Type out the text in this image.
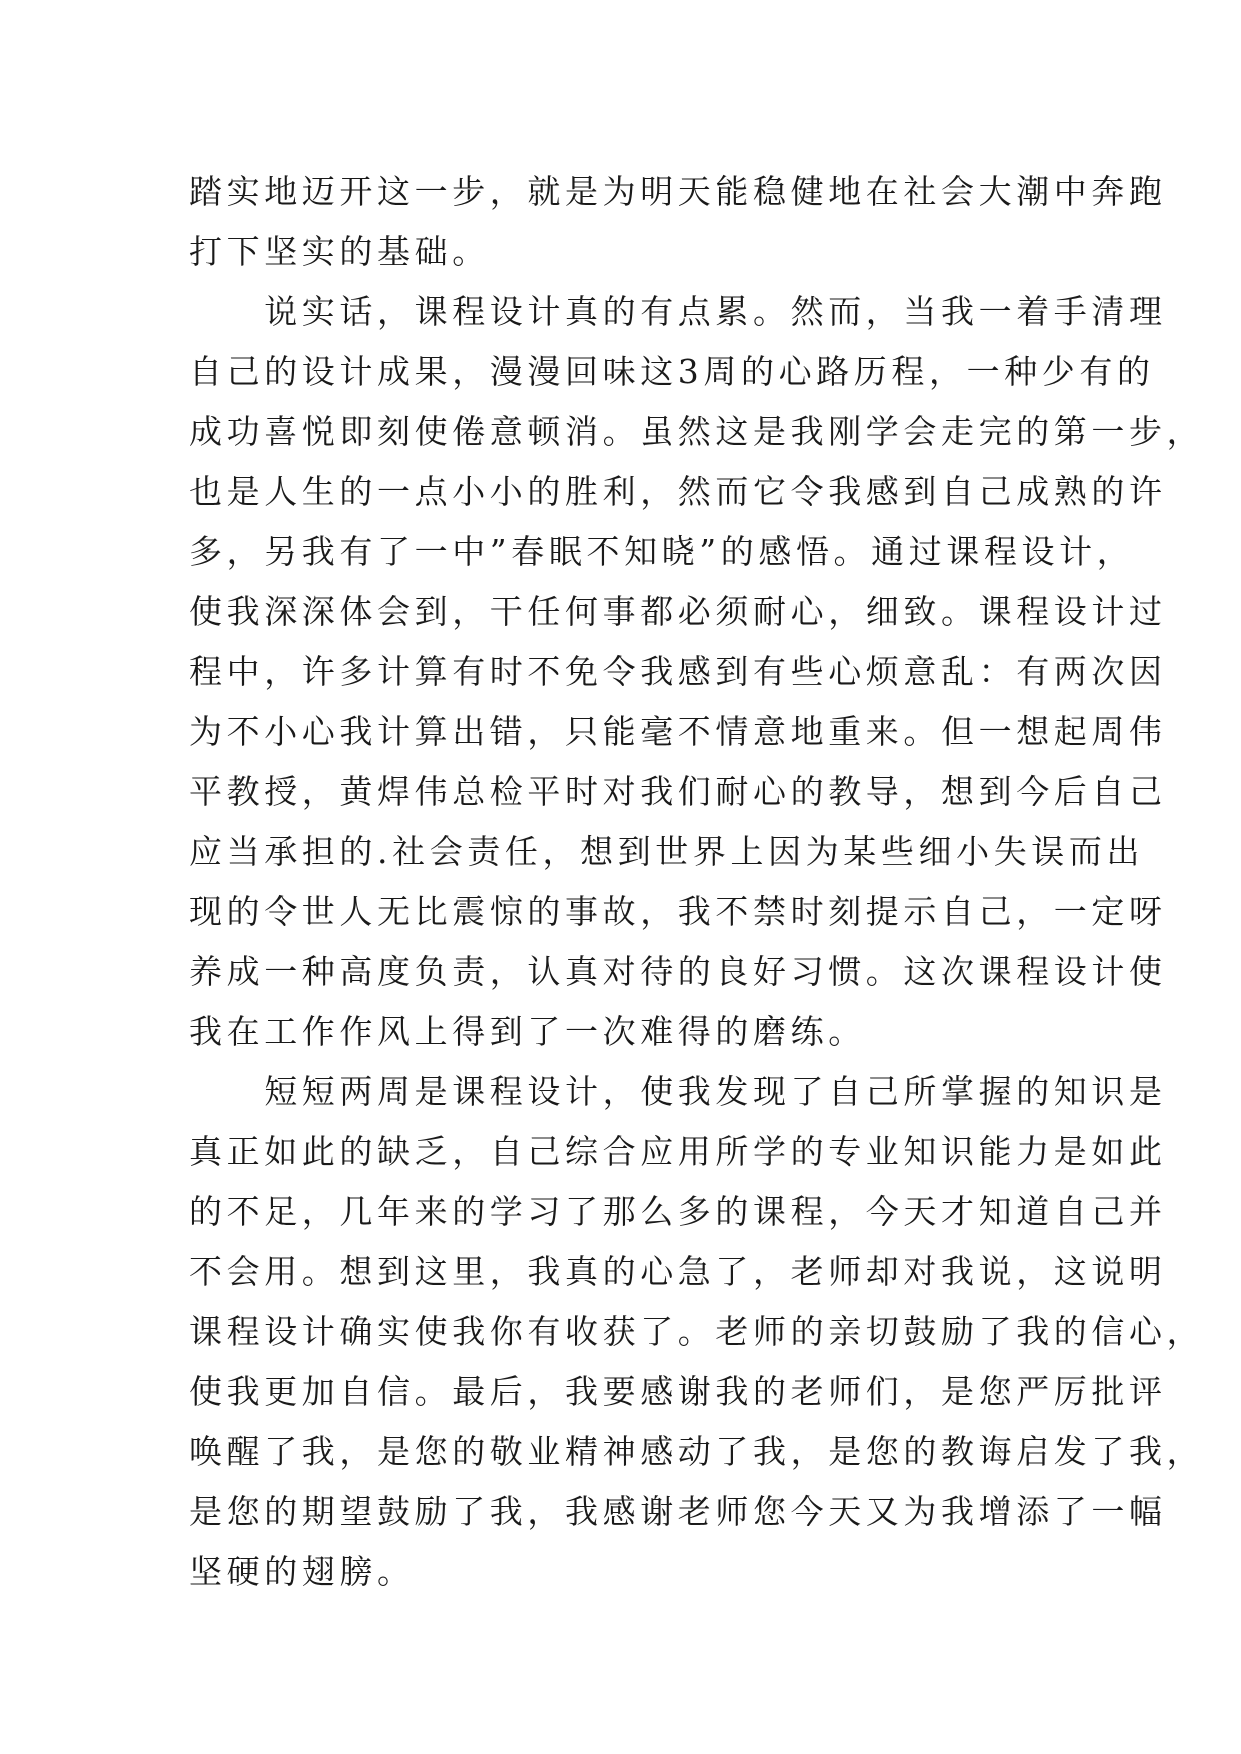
踏实地迈开这一步，就是为明天能稳健地在社会大潮中奔跑
打下坚实的基础。
　　说实话，课程设计真的有点累。然而，当我一着手清理
自己的设计成果，漫漫回味这3周的心路历程，一种少有的
成功喜悦即刻使倦意顿消。虽然这是我刚学会走完的第一步，
也是人生的一点小小的胜利，然而它令我感到自己成熟的许
多，另我有了一中”春眠不知晓”的感悟。通过课程设计，
使我深深体会到，干任何事都必须耐心，细致。课程设计过
程中，许多计算有时不免令我感到有些心烦意乱：有两次因
为不小心我计算出错，只能毫不情意地重来。但一想起周伟
平教授，黄焊伟总检平时对我们耐心的教导，想到今后自己
应当承担的.社会责任，想到世界上因为某些细小失误而出
现的令世人无比震惊的事故，我不禁时刻提示自己，一定呀
养成一种高度负责，认真对待的良好习惯。这次课程设计使
我在工作作风上得到了一次难得的磨练。
　　短短两周是课程设计，使我发现了自己所掌握的知识是
真正如此的缺乏，自己综合应用所学的专业知识能力是如此
的不足，几年来的学习了那么多的课程，今天才知道自己并
不会用。想到这里，我真的心急了，老师却对我说，这说明
课程设计确实使我你有收获了。老师的亲切鼓励了我的信心，
使我更加自信。最后，我要感谢我的老师们，是您严厉批评
唤醒了我，是您的敬业精神感动了我，是您的教诲启发了我，
是您的期望鼓励了我，我感谢老师您今天又为我增添了一幅
坚硬的翅膀。
